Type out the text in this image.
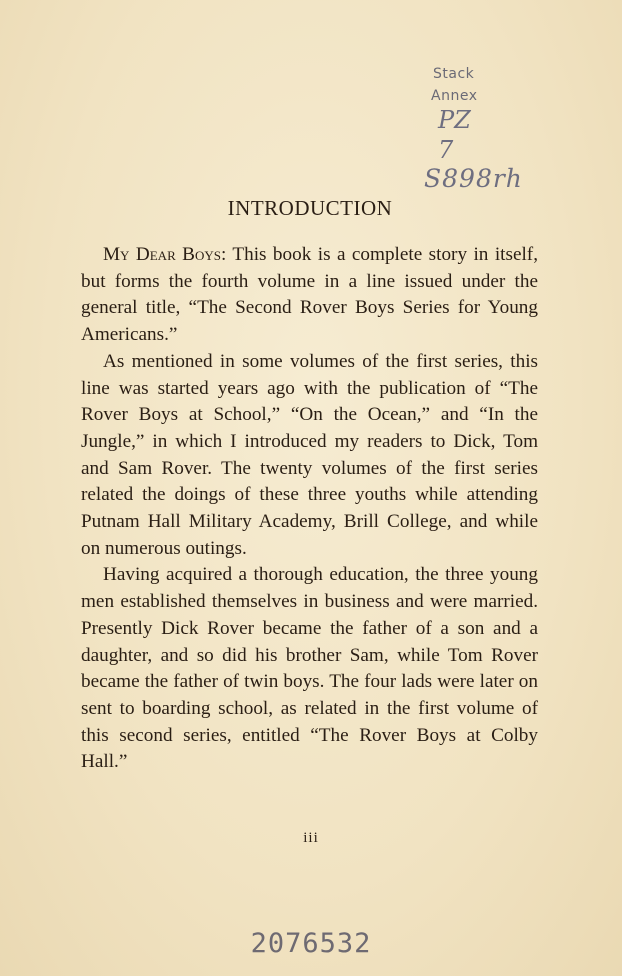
Stack
Annex
PZ
7
S898rh
INTRODUCTION

My Dear Boys: This book is a complete story in itself, but forms the fourth volume in a line issued under the general title, “The Second Rover Boys Series for Young Americans.”

As mentioned in some volumes of the first series, this line was started years ago with the publication of “The Rover Boys at School,” “On the Ocean,” and “In the Jungle,” in which I introduced my readers to Dick, Tom and Sam Rover. The twenty volumes of the first series related the doings of these three youths while attending Putnam Hall Military Academy, Brill College, and while on numerous outings.

Having acquired a thorough education, the three young men established themselves in business and were married. Presently Dick Rover became the father of a son and a daughter, and so did his brother Sam, while Tom Rover became the father of twin boys. The four lads were later on sent to boarding school, as related in the first volume of this second series, entitled “The Rover Boys at Colby Hall.”

iii
2076532
